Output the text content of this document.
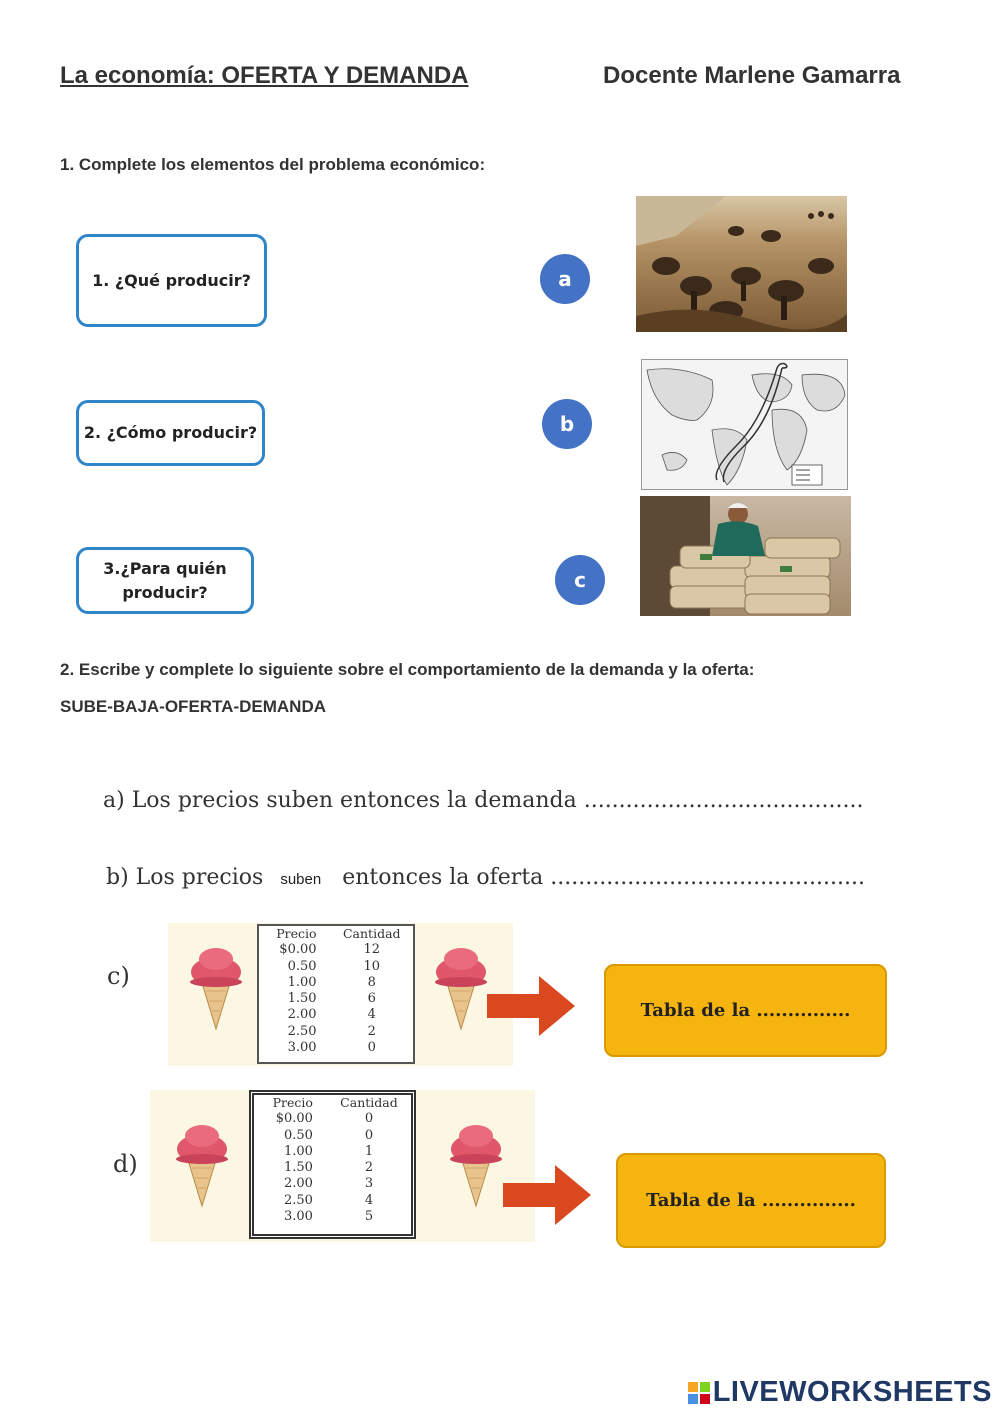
La economía: OFERTA Y DEMANDA	Docente Marlene Gamarra
1. Complete los elementos del problema económico:
1. ¿Qué producir?
2. ¿Cómo producir?
3.¿Para quién
producir?
a
b
c
2. Escribe y complete lo siguiente sobre el comportamiento de la demanda y la oferta:
SUBE-BAJA-OFERTA-DEMANDA
a) Los precios suben entonces la demanda ........................................
b) Los precios suben entonces la oferta .............................................
c)
Precio	Cantidad
$0.00	12
0.50	10
1.00	8
1.50	6
2.00	4
2.50	2
3.00	0
Tabla de la ...............
d)
Precio	Cantidad
$0.00	0
0.50	0
1.00	1
1.50	2
2.00	3
2.50	4
3.00	5
Tabla de la ...............
LIVEWORKSHEETS
